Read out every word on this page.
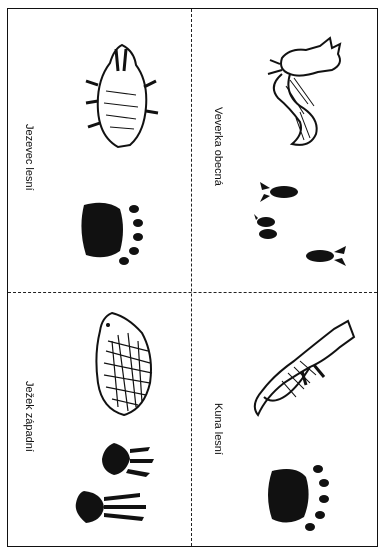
Veverka obecná
Jezevec lesní
Kuna lesní
Ježek západní
